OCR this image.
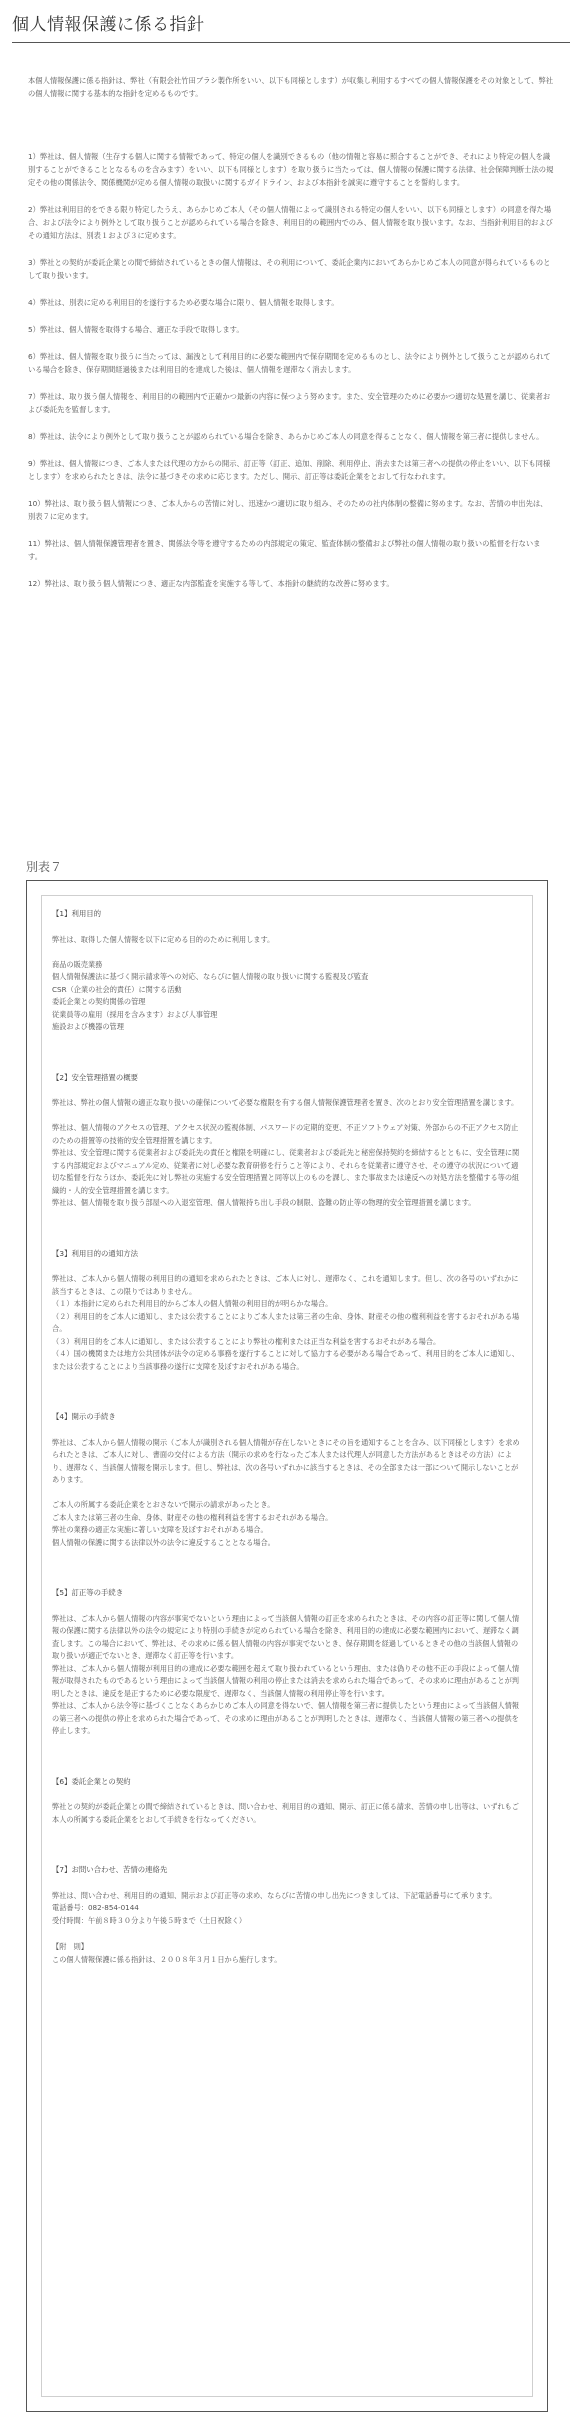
個人情報保護に係る指針

本個人情報保護に係る指針は、弊社（有限会社竹田ブラシ製作所をいい、以下も同様とします）が収集し利用するすべての個人情報保護をその対象として、弊社の個人情報に関する基本的な指針を定めるものです。

1）弊社は、個人情報（生存する個人に関する情報であって、特定の個人を識別できるもの（他の情報と容易に照合することができ、それにより特定の個人を識別することができることとなるものを含みます）をいい、以下も同様とします）を取り扱うに当たっては、個人情報の保護に関する法律、社会保障判断士法の規定その他の関係法令、関係機関が定める個人情報の取扱いに関するガイドライン、および本指針を誠実に遵守することを誓約します。
2）弊社は利用目的をできる限り特定したうえ、あらかじめご本人（その個人情報によって識別される特定の個人をいい、以下も同様とします）の同意を得た場合、および法令により例外として取り扱うことが認められている場合を除き、利用目的の範囲内でのみ、個人情報を取り扱います。なお、当指針利用目的およびその通知方法は、別表１および３に定めます。
3）弊社との契約が委託企業との間で締結されているときの個人情報は、その利用について、委託企業内においてあらかじめご本人の同意が得られているものとして取り扱います。
4）弊社は、別表に定める利用目的を遂行するため必要な場合に限り、個人情報を取得します。
5）弊社は、個人情報を取得する場合、適正な手段で取得します。
6）弊社は、個人情報を取り扱うに当たっては、漏洩として利用目的に必要な範囲内で保存期間を定めるものとし、法令により例外として扱うことが認められている場合を除き、保存期間経過後または利用目的を達成した後は、個人情報を遅滞なく消去します。
7）弊社は、取り扱う個人情報を、利用目的の範囲内で正確かつ最新の内容に保つよう努めます。また、安全管理のために必要かつ適切な処置を講じ、従業者および委託先を監督します。
8）弊社は、法令により例外として取り扱うことが認められている場合を除き、あらかじめご本人の同意を得ることなく、個人情報を第三者に提供しません。
9）弊社は、個人情報につき、ご本人または代理の方からの開示、訂正等（訂正、追加、削除、利用停止、消去または第三者への提供の停止をいい、以下も同様とします）を求められたときは、法令に基づきその求めに応じます。ただし、開示、訂正等は委託企業をとおして行なわれます。
10）弊社は、取り扱う個人情報につき、ご本人からの苦情に対し、迅速かつ適切に取り組み、そのための社内体制の整備に努めます。なお、苦情の申出先は、別表７に定めます。
11）弊社は、個人情報保護管理者を置き、関係法令等を遵守するための内部規定の策定、監査体制の整備および弊社の個人情報の取り扱いの監督を行ないます。
12）弊社は、取り扱う個人情報につき、適正な内部監査を実施する等して、本指針の継続的な改善に努めます。
別表７
【1】利用目的

弊社は、取得した個人情報を以下に定める目的のために利用します。

商品の販売業務

個人情報保護法に基づく開示請求等への対応、ならびに個人情報の取り扱いに関する監視及び監査

CSR（企業の社会的責任）に関する活動

委託企業との契約関係の管理

従業員等の雇用（採用を含みます）および人事管理

施設および機器の管理

【2】安全管理措置の概要

弊社は、弊社の個人情報の適正な取り扱いの確保について必要な権限を有する個人情報保護管理者を置き、次のとおり安全管理措置を講じます。

弊社は、個人情報のアクセスの管理、アクセス状況の監視体制、パスワードの定期的変更、不正ソフトウェア対策、外部からの不正アクセス防止のための措置等の技術的安全管理措置を講じます。

弊社は、安全管理に関する従業者および委託先の責任と権限を明確にし、従業者および委託先と秘密保持契約を締結するとともに、安全管理に関する内部規定およびマニュアル定め、従業者に対し必要な教育研修を行うこと等により、それらを従業者に遵守させ、その遵守の状況について適切な監督を行なうほか、委託先に対し弊社の実施する安全管理措置と同等以上のものを課し、また事故または違反への対処方法を整備する等の組織的・人的安全管理措置を講じます。

弊社は、個人情報を取り扱う部屋への入退室管理、個人情報持ち出し手段の制限、盗難の防止等の物理的安全管理措置を講じます。

【3】利用目的の通知方法

弊社は、ご本人から個人情報の利用目的の通知を求められたときは、ご本人に対し、遅滞なく、これを通知します。但し、次の各号のいずれかに該当するときは、この限りではありません。

（１）本指針に定められた利用目的からご本人の個人情報の利用目的が明らかな場合。

（２）利用目的をご本人に通知し、または公表することによりご本人または第三者の生命、身体、財産その他の権利利益を害するおそれがある場合。

（３）利用目的をご本人に通知し、または公表することにより弊社の権利または正当な利益を害するおそれがある場合。

（４）国の機関または地方公共団体が法令の定める事務を遂行することに対して協力する必要がある場合であって、利用目的をご本人に通知し、または公表することにより当該事務の遂行に支障を及ぼすおそれがある場合。

【4】開示の手続き

弊社は、ご本人から個人情報の開示（ご本人が識別される個人情報が存在しないときにその旨を通知することを含み、以下同様とします）を求められたときは、ご本人に対し、書面の交付による方法（開示の求めを行なったご本人または代理人が同意した方法があるときはその方法）により、遅滞なく、当該個人情報を開示します。但し、弊社は、次の各号いずれかに該当するときは、その全部または一部について開示しないことがあります。

ご本人の所属する委託企業をとおさないで開示の請求があったとき。

ご本人または第三者の生命、身体、財産その他の権利利益を害するおそれがある場合。

弊社の業務の適正な実施に著しい支障を及ぼすおそれがある場合。

個人情報の保護に関する法律以外の法令に違反することとなる場合。

【5】訂正等の手続き

弊社は、ご本人から個人情報の内容が事実でないという理由によって当該個人情報の訂正を求められたときは、その内容の訂正等に関して個人情報の保護に関する法律以外の法令の規定により特別の手続きが定められている場合を除き、利用目的の達成に必要な範囲内において、遅滞なく調査します。この場合において、弊社は、その求めに係る個人情報の内容が事実でないとき、保存期間を経過しているときその他の当該個人情報の取り扱いが適正でないとき、遅滞なく訂正等を行います。

弊社は、ご本人から個人情報が利用目的の達成に必要な範囲を超えて取り扱われているという理由、または偽りその他不正の手段によって個人情報が取得されたものであるという理由によって当該個人情報の利用の停止または消去を求められた場合であって、その求めに理由があることが判明したときは、違反を是正するために必要な限度で、遅滞なく、当該個人情報の利用停止等を行います。

弊社は、ご本人から法令等に基づくことなくあらかじめご本人の同意を得ないで、個人情報を第三者に提供したという理由によって当該個人情報の第三者への提供の停止を求められた場合であって、その求めに理由があることが判明したときは、遅滞なく、当該個人情報の第三者への提供を停止します。

【6】委託企業との契約

弊社との契約が委託企業との間で締結されているときは、問い合わせ、利用目的の通知、開示、訂正に係る請求、苦情の申し出等は、いずれもご本人の所属する委託企業をとおして手続きを行なってください。

【7】お問い合わせ、苦情の連絡先

弊社は、問い合わせ、利用目的の通知、開示および訂正等の求め、ならびに苦情の申し出先につきましては、下記電話番号にて承ります。

電話番号：082-854-0144

受付時間：午前８時３０分より午後５時まで（土日祝除く）

【附　則】

この個人情報保護に係る指針は、２００８年３月１日から施行します。
